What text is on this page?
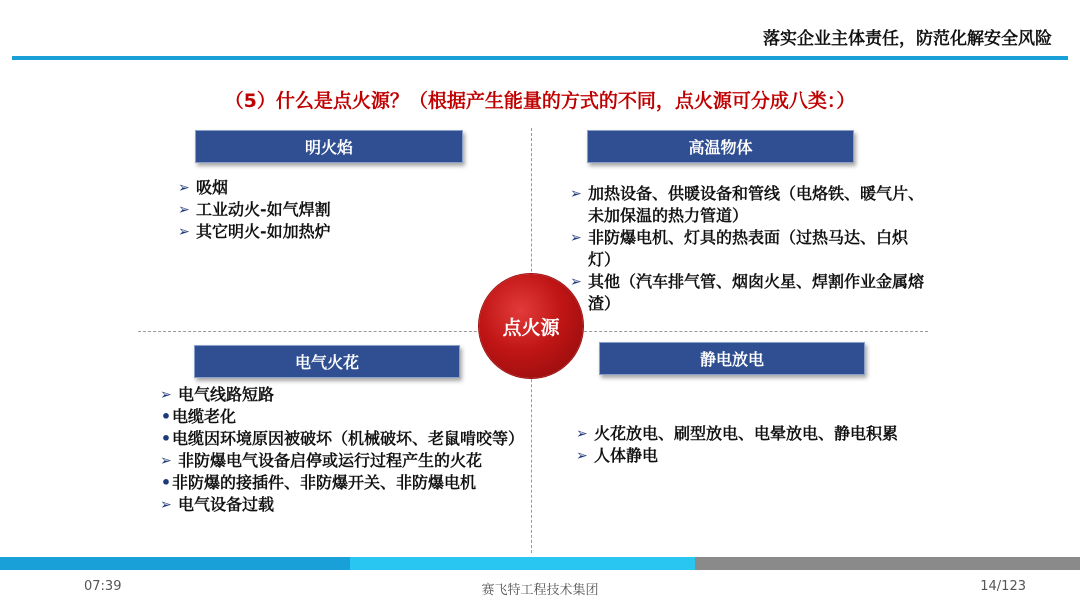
落实企业主体责任，防范化解安全风险
（5）什么是点火源？（根据产生能量的方式的不同，点火源可分成八类：）
明火焰
➢ 吸烟
➢ 工业动火-如气焊割
➢ 其它明火-如加热炉
高温物体
➢ 加热设备、供暖设备和管线（电烙铁、暖气片、未加保温的热力管道）
➢ 非防爆电机、灯具的热表面（过热马达、白炽灯）
➢ 其他（汽车排气管、烟囱火星、焊割作业金属熔渣）
点火源
电气火花
➢ 电气线路短路
• 电缆老化
• 电缆因环境原因被破坏（机械破坏、老鼠啃咬等）
➢ 非防爆电气设备启停或运行过程产生的火花
• 非防爆的接插件、非防爆开关、非防爆电机
➢ 电气设备过载
静电放电
➢ 火花放电、刷型放电、电晕放电、静电积累
➢ 人体静电
07:39	赛飞特工程技术集团	14/123
